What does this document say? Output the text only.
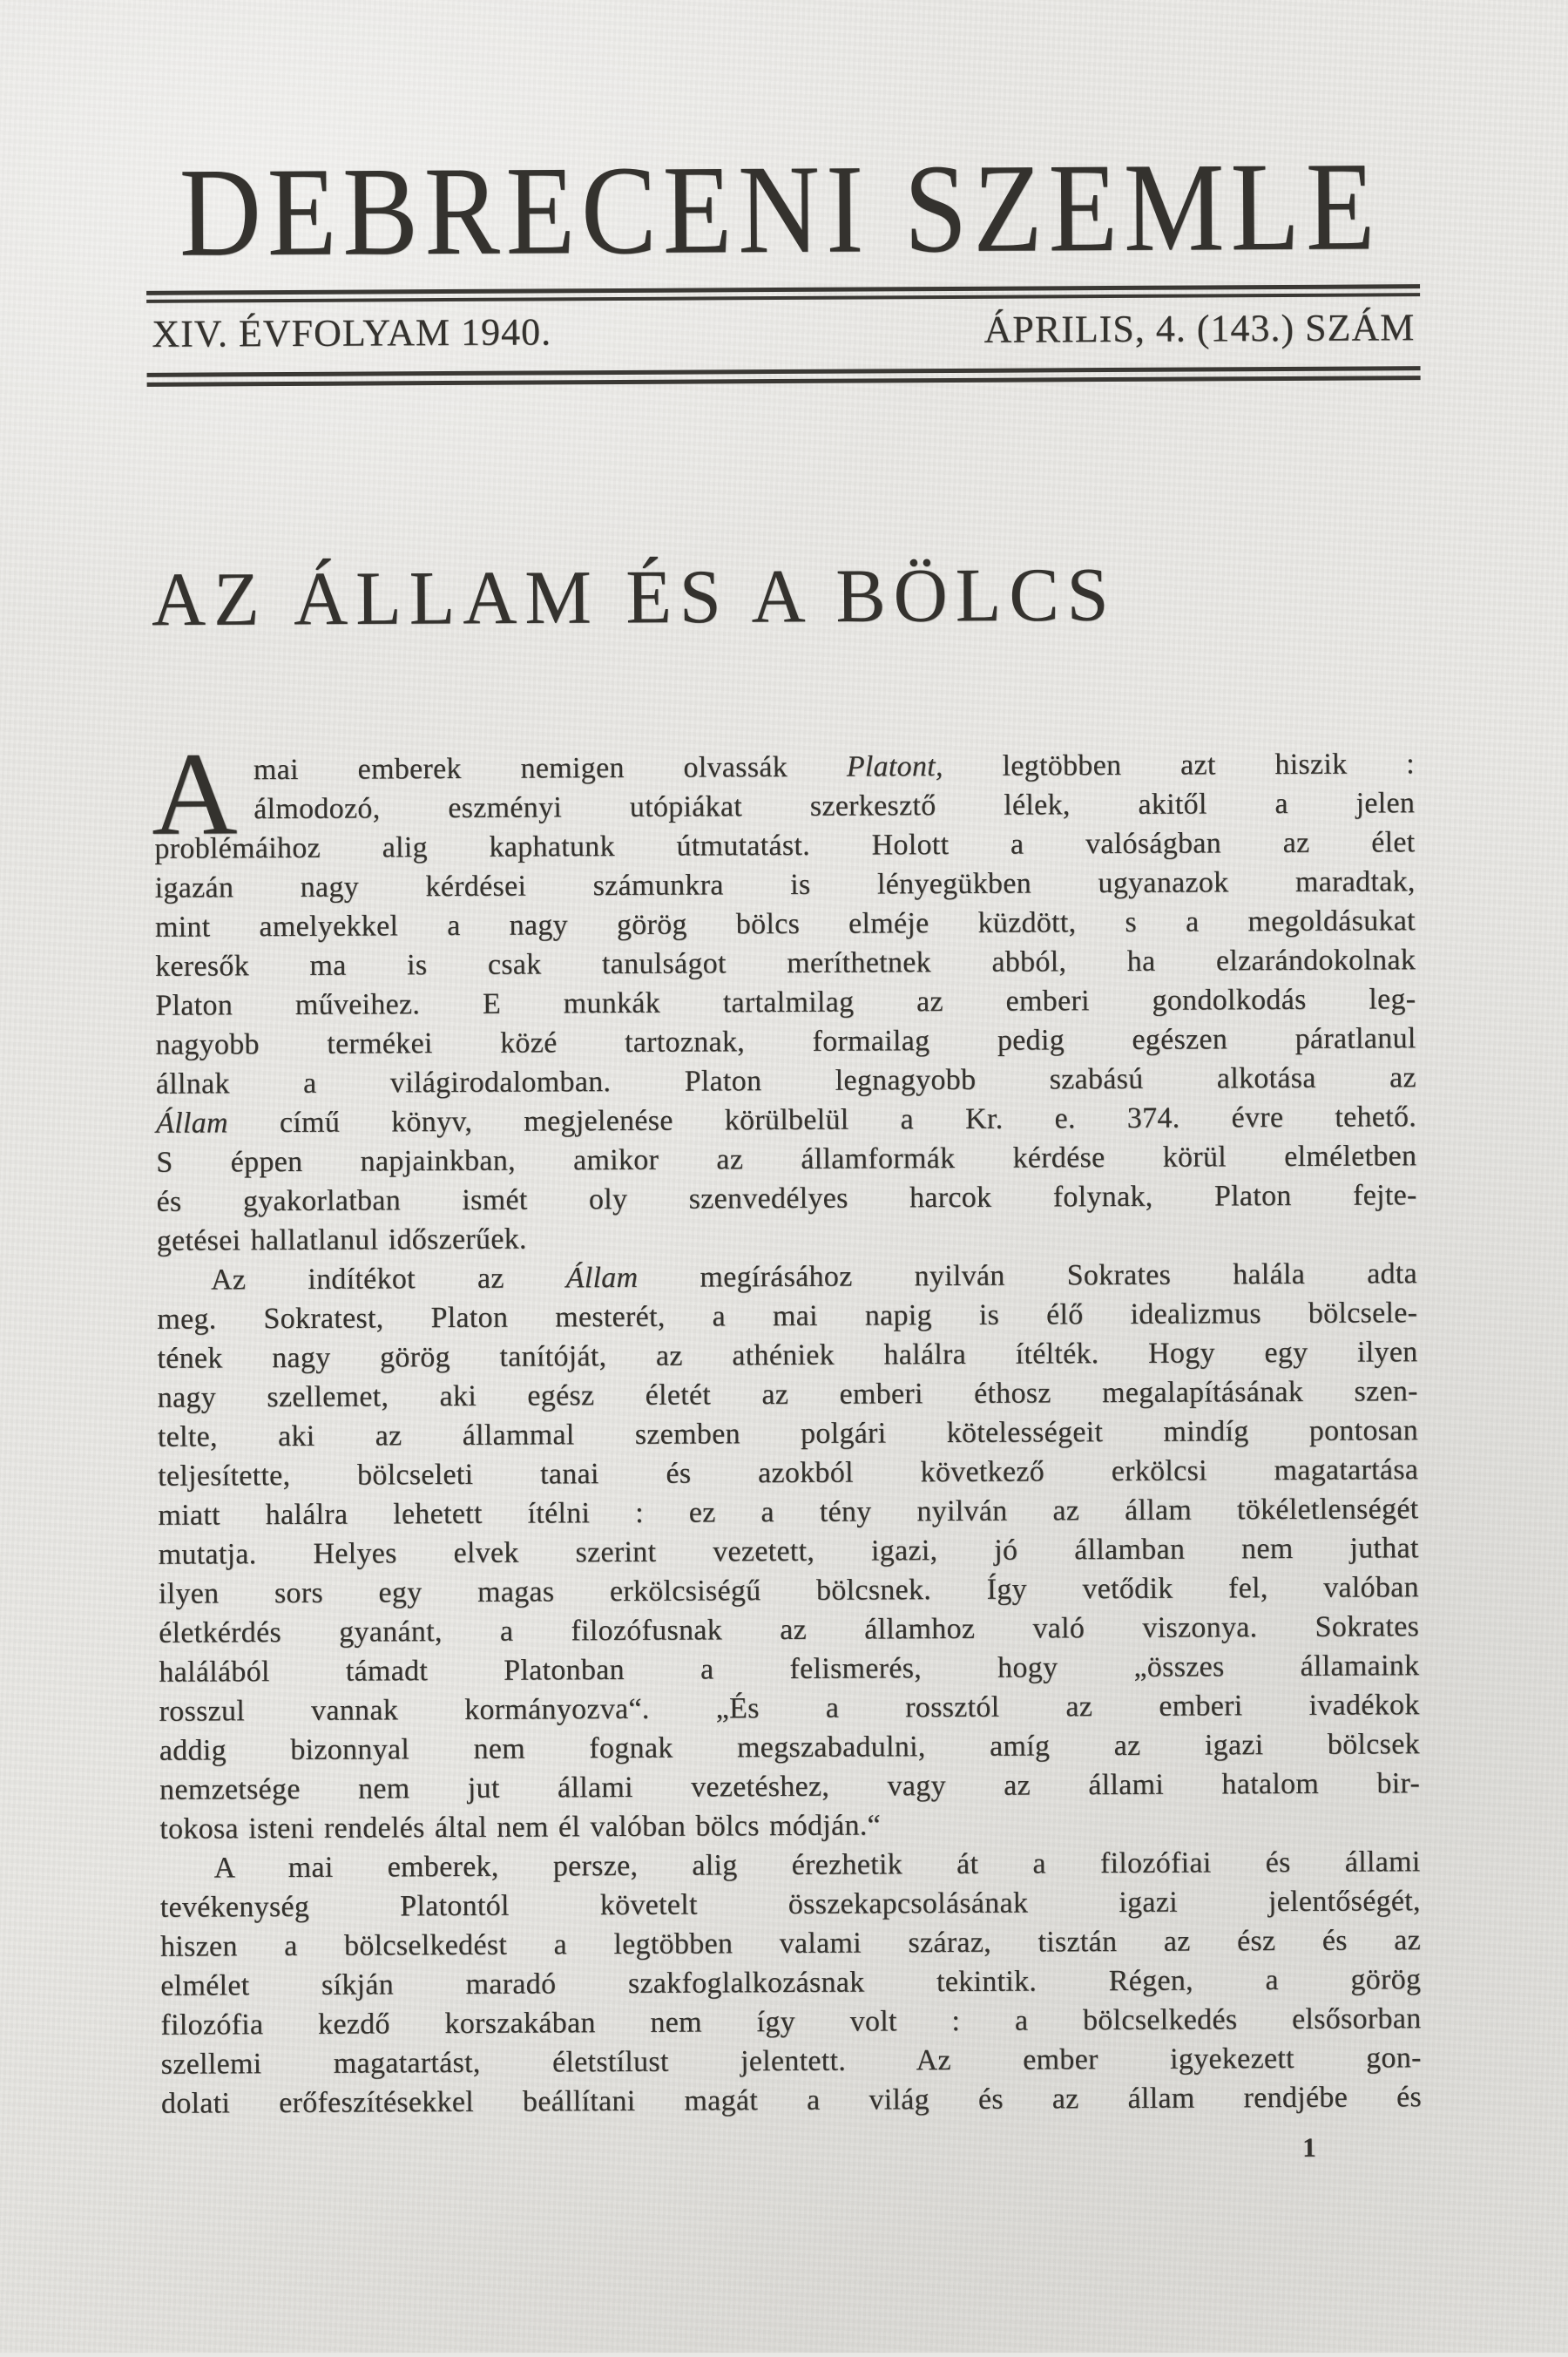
DEBRECENI SZEMLE
XIV. ÉVFOLYAM 1940.	ÁPRILIS, 4. (143.) SZÁM
AZ ÁLLAM ÉS A BÖLCS
A mai emberek nemigen olvassák Platont, legtöbben azt hiszik :
álmodozó, eszményi utópiákat szerkesztő lélek, akitől a jelen
problémáihoz alig kaphatunk útmutatást. Holott a valóságban az élet
igazán nagy kérdései számunkra is lényegükben ugyanazok maradtak,
mint amelyekkel a nagy görög bölcs elméje küzdött, s a megoldásukat
keresők ma is csak tanulságot meríthetnek abból, ha elzarándokolnak
Platon műveihez. E munkák tartalmilag az emberi gondolkodás leg-
nagyobb termékei közé tartoznak, formailag pedig egészen páratlanul
állnak a világirodalomban. Platon legnagyobb szabású alkotása az
Állam című könyv, megjelenése körülbelül a Kr. e. 374. évre tehető.
S éppen napjainkban, amikor az államformák kérdése körül elméletben
és gyakorlatban ismét oly szenvedélyes harcok folynak, Platon fejte-
getései hallatlanul időszerűek.
Az indítékot az Állam megírásához nyilván Sokrates halála adta
meg. Sokratest, Platon mesterét, a mai napig is élő idealizmus bölcsele-
tének nagy görög tanítóját, az athéniek halálra ítélték. Hogy egy ilyen
nagy szellemet, aki egész életét az emberi éthosz megalapításának szen-
telte, aki az állammal szemben polgári kötelességeit mindíg pontosan
teljesítette, bölcseleti tanai és azokból következő erkölcsi magatartása
miatt halálra lehetett ítélni : ez a tény nyilván az állam tökéletlenségét
mutatja. Helyes elvek szerint vezetett, igazi, jó államban nem juthat
ilyen sors egy magas erkölcsiségű bölcsnek. Így vetődik fel, valóban
életkérdés gyanánt, a filozófusnak az államhoz való viszonya. Sokrates
halálából támadt Platonban a felismerés, hogy „összes államaink
rosszul vannak kormányozva“. „És a rossztól az emberi ivadékok
addig bizonnyal nem fognak megszabadulni, amíg az igazi bölcsek
nemzetsége nem jut állami vezetéshez, vagy az állami hatalom bir-
tokosa isteni rendelés által nem él valóban bölcs módján.“
A mai emberek, persze, alig érezhetik át a filozófiai és állami
tevékenység Platontól követelt összekapcsolásának igazi jelentőségét,
hiszen a bölcselkedést a legtöbben valami száraz, tisztán az ész és az
elmélet síkján maradó szakfoglalkozásnak tekintik. Régen, a görög
filozófia kezdő korszakában nem így volt : a bölcselkedés elsősorban
szellemi magatartást, életstílust jelentett. Az ember igyekezett gon-
dolati erőfeszítésekkel beállítani magát a világ és az állam rendjébe és
1
